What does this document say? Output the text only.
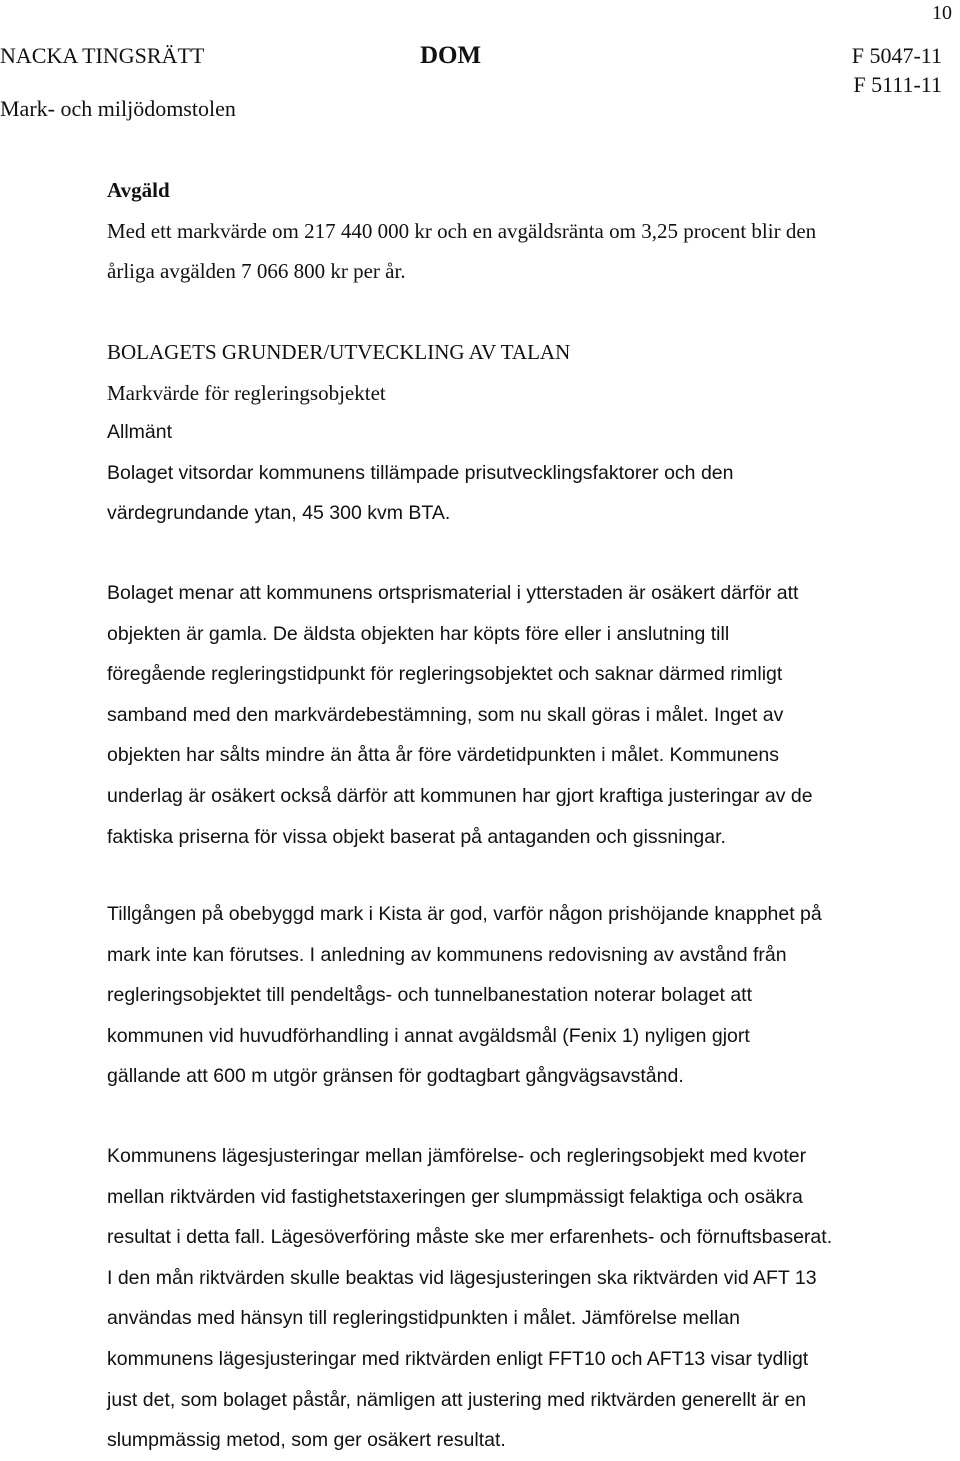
10
NACKA TINGSRÄTT
Mark- och miljödomstolen
DOM	F 5047-11
F 5111-11
Avgäld
Med ett markvärde om 217 440 000 kr och en avgäldsränta om 3,25 procent blir den
årliga avgälden 7 066 800 kr per år.
BOLAGETS GRUNDER/UTVECKLING AV TALAN
Markvärde för regleringsobjektet
Allmänt
Bolaget vitsordar kommunens tillämpade prisutvecklingsfaktorer och den
värdegrundande ytan, 45 300 kvm BTA.
Bolaget menar att kommunens ortsprismaterial i ytterstaden är osäkert därför att
objekten är gamla. De äldsta objekten har köpts före eller i anslutning till
föregående regleringstidpunkt för regleringsobjektet och saknar därmed rimligt
samband med den markvärdebestämning, som nu skall göras i målet. Inget av
objekten har sålts mindre än åtta år före värdetidpunkten i målet. Kommunens
underlag är osäkert också därför att kommunen har gjort kraftiga justeringar av de
faktiska priserna för vissa objekt baserat på antaganden och gissningar.
Tillgången på obebyggd mark i Kista är god, varför någon prishöjande knapphet på
mark inte kan förutses. I anledning av kommunens redovisning av avstånd från
regleringsobjektet till pendeltågs- och tunnelbanestation noterar bolaget att
kommunen vid huvudförhandling i annat avgäldsmål (Fenix 1) nyligen gjort
gällande att 600 m utgör gränsen för godtagbart gångvägsavstånd.
Kommunens lägesjusteringar mellan jämförelse- och regleringsobjekt med kvoter
mellan riktvärden vid fastighetstaxeringen ger slumpmässigt felaktiga och osäkra
resultat i detta fall. Lägesöverföring måste ske mer erfarenhets- och förnuftsbaserat.
I den mån riktvärden skulle beaktas vid lägesjusteringen ska riktvärden vid AFT 13
användas med hänsyn till regleringstidpunkten i målet. Jämförelse mellan
kommunens lägesjusteringar med riktvärden enligt FFT10 och AFT13 visar tydligt
just det, som bolaget påstår, nämligen att justering med riktvärden generellt är en
slumpmässig metod, som ger osäkert resultat.
